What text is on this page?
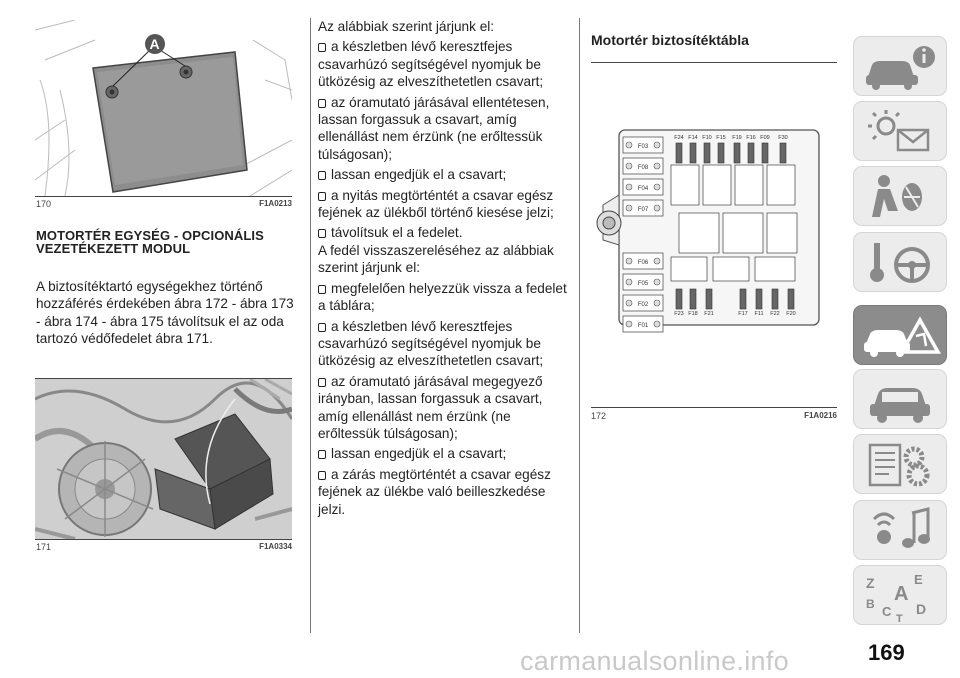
A
170	F1A0213
MOTORTÉR EGYSÉG - OPCIONÁLIS VEZETÉKEZETT MODUL
A biztosítéktartó egységekhez történő hozzáférés érdekében ábra 172 - ábra 173 - ábra 174 - ábra 175 távolítsuk el az oda tartozó védőfedelet ábra 171.
171	F1A0334

Az alábbiak szerint járjunk el:

a készletben lévő keresztfejes csavarhúzó segítségével nyomjuk be ütközésig az elveszíthetetlen csavart;

az óramutató járásával ellentétesen, lassan forgassuk a csavart, amíg ellenállást nem érzünk (ne erőltessük túlságosan);

lassan engedjük el a csavart;

a nyitás megtörténtét a csavar egész fejének az ülékből történő kiesése jelzi;

távolítsuk el a fedelet.

A fedél visszaszereléséhez az alábbiak szerint járjunk el:

megfelelően helyezzük vissza a fedelet a táblára;

a készletben lévő keresztfejes csavarhúzó segítségével nyomjuk be ütközésig az elveszíthetetlen csavart;

az óramutató járásával megegyező irányban, lassan forgassuk a csavart, amíg ellenállást nem érzünk (ne erőltessük túlságosan);

lassan engedjük el a csavart;

a zárás megtörténtét a csavar egész fejének az ülékbe való beilleszkedése jelzi.

Motortér biztosítéktábla
F03
F08
F04
F07
F06
F05
F02
F01
F24 F14 F10 F15 F19 F16 F09 F30
F23 F18 F21	F17 F11 F22 F20
172	F1A0216
Z	E
A
B C T
D
169
carmanualsonline.info
